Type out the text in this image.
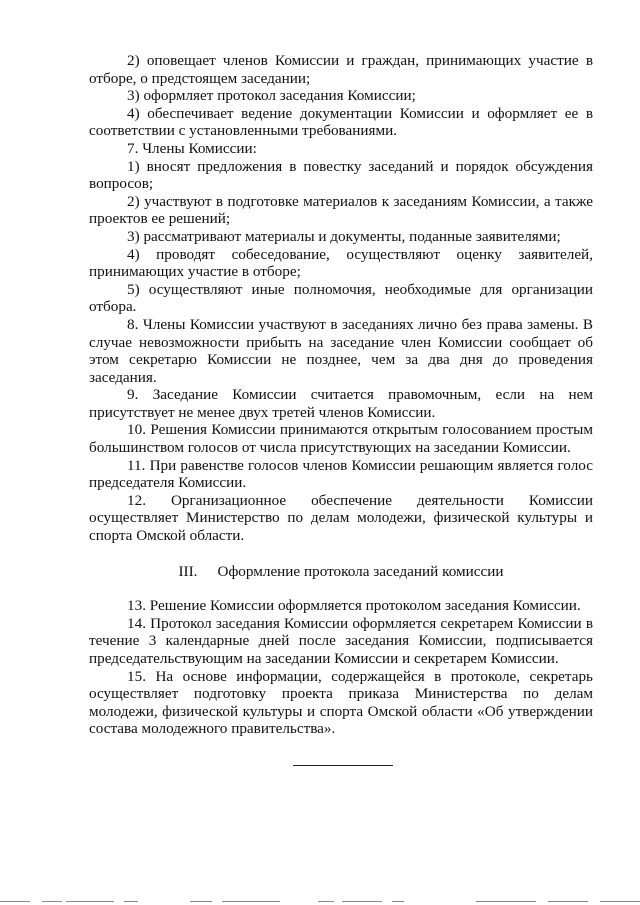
2) оповещает членов Комиссии и граждан, принимающих участие в отборе, о предстоящем заседании;

3) оформляет протокол заседания Комиссии;

4) обеспечивает ведение документации Комиссии и оформляет ее в соответствии с установленными требованиями.

7. Члены Комиссии:

1) вносят предложения в повестку заседаний и порядок обсуждения вопросов;

2) участвуют в подготовке материалов к заседаниям Комиссии, а также проектов ее решений;

3) рассматривают материалы и документы, поданные заявителями;

4) проводят собеседование, осуществляют оценку заявителей, принимающих участие в отборе;

5) осуществляют иные полномочия, необходимые для организации отбора.

8. Члены Комиссии участвуют в заседаниях лично без права замены. В случае невозможности прибыть на заседание член Комиссии сообщает об этом секретарю Комиссии не позднее, чем за два дня до проведения заседания.

9. Заседание Комиссии считается правомочным, если на нем присутствует не менее двух третей членов Комиссии.

10. Решения Комиссии принимаются открытым голосованием простым большинством голосов от числа присутствующих на заседании Комиссии.

11. При равенстве голосов членов Комиссии решающим является голос председателя Комиссии.

12. Организационное обеспечение деятельности Комиссии осуществляет Министерство по делам молодежи, физической культуры и спорта Омской области.

III. Оформление протокола заседаний комиссии

13. Решение Комиссии оформляется протоколом заседания Комиссии.

14. Протокол заседания Комиссии оформляется секретарем Комиссии в течение 3 календарные дней после заседания Комиссии, подписывается председательствующим на заседании Комиссии и секретарем Комиссии.

15. На основе информации, содержащейся в протоколе, секретарь осуществляет подготовку проекта приказа Министерства по делам молодежи, физической культуры и спорта Омской области «Об утверждении состава молодежного правительства».
